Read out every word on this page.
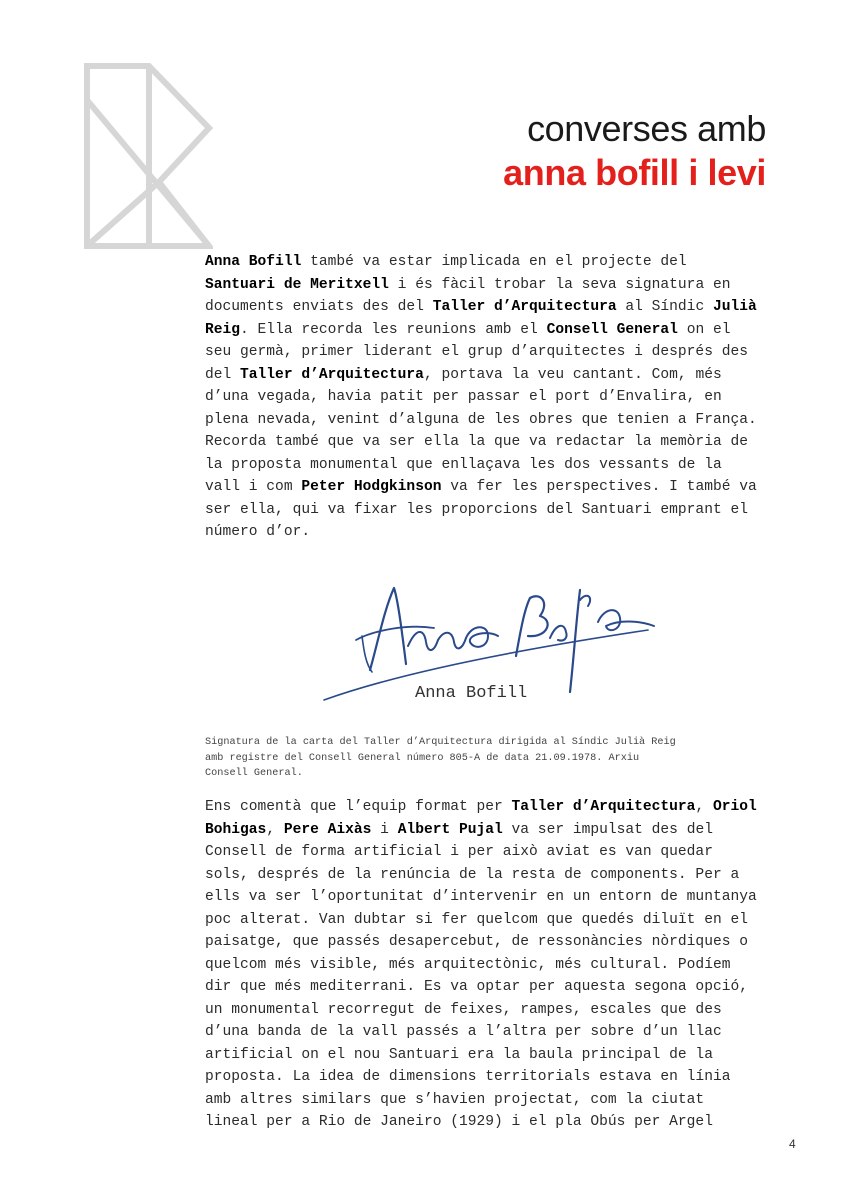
converses amb
anna bofill i levi
Anna Bofill també va estar implicada en el projecte del
Santuari de Meritxell i és fàcil trobar la seva signatura en
documents enviats des del Taller d’Arquitectura al Síndic Julià
Reig. Ella recorda les reunions amb el Consell General on el
seu germà, primer liderant el grup d’arquitectes i després des
del Taller d’Arquitectura, portava la veu cantant. Com, més
d’una vegada, havia patit per passar el port d’Envalira, en
plena nevada, venint d’alguna de les obres que tenien a França.
Recorda també que va ser ella la que va redactar la memòria de
la proposta monumental que enllaçava les dos vessants de la
vall i com Peter Hodgkinson va fer les perspectives. I també va
ser ella, qui va fixar les proporcions del Santuari emprant el
número d’or.
Anna Bofill
Signatura de la carta del Taller d’Arquitectura dirigida al Síndic Julià Reig
amb registre del Consell General número 805-A de data 21.09.1978. Arxiu
Consell General.
Ens comentà que l’equip format per Taller d’Arquitectura, Oriol
Bohigas, Pere Aixàs i Albert Pujal va ser impulsat des del
Consell de forma artificial i per això aviat es van quedar
sols, després de la renúncia de la resta de components. Per a
ells va ser l’oportunitat d’intervenir en un entorn de muntanya
poc alterat. Van dubtar si fer quelcom que quedés diluït en el
paisatge, que passés desapercebut, de ressonàncies nòrdiques o
quelcom més visible, més arquitectònic, més cultural. Podíem
dir que més mediterrani. Es va optar per aquesta segona opció,
un monumental recorregut de feixes, rampes, escales que des
d’una banda de la vall passés a l’altra per sobre d’un llac
artificial on el nou Santuari era la baula principal de la
proposta. La idea de dimensions territorials estava en línia
amb altres similars que s’havien projectat, com la ciutat
lineal per a Rio de Janeiro (1929) i el pla Obús per Argel
4
